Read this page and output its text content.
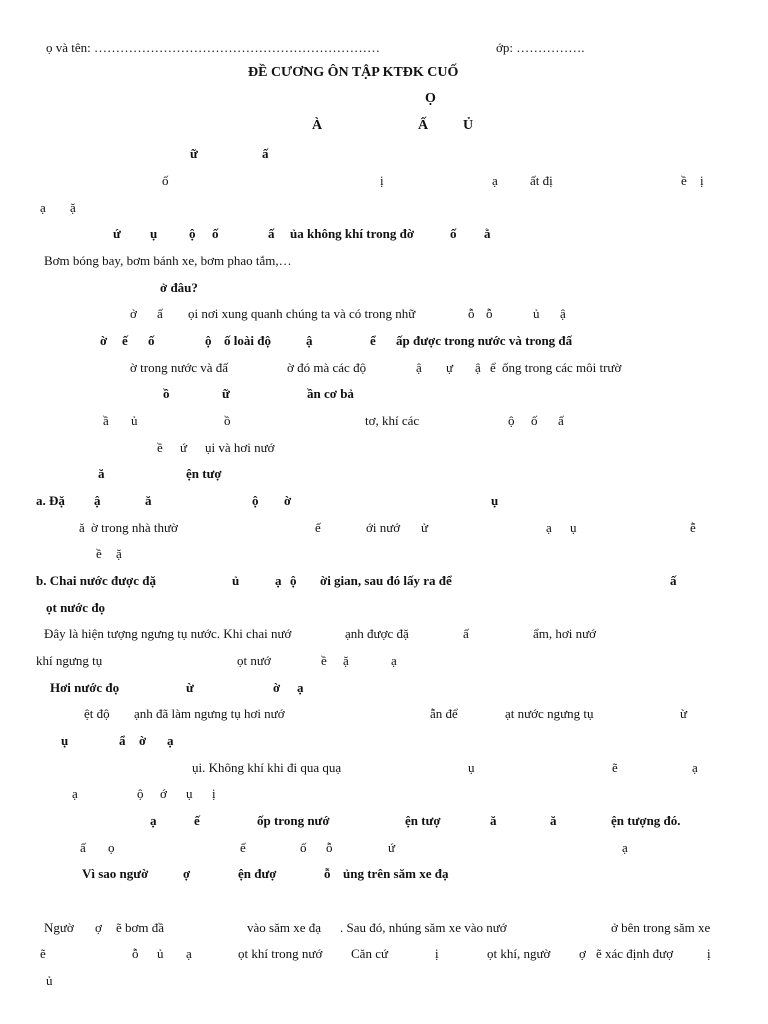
ọ và tên: …………………………………………………………	ớp: …………….
ĐỀ CƯƠNG ÔN TẬP KTĐK CUỐ
Ọ
À	Ấ Ủ
ữ	ấ
ố	ị	ạ ất đị	ề ị
ạ ặ
ứ ụ ộ ố	ấ ủa không khí trong đờ	ố ằ
Bơm bóng bay, bơm bánh xe, bơm phao tắm,…
ở đâu?
ở ấ ọi nơi xung quanh chúng ta và có trong nhữ	ỗ ỗ	ủ ậ
ờ ế ố	ộ ố loài độ	ậ	ể ấp được trong nước và trong đấ
ờ trong nước và đấ	ờ đó mà các độ	ậ ự ậ ể ống trong các môi trườ
ồ	ữ	ần cơ bả
ầ ủ	ồ	tơ, khí các	ộ ố ấ
ề ứ ụi và hơi nướ
ă	ện tượ
a. Đặ ậ	ă	ộ ờ	ụ
ă ờ trong nhà thườ	ế	ới nướ ử	ạ ụ	ễ
ề ặ
b. Chai nước được đặ	ủ	ạ ộ ời gian, sau đó lấy ra để	ấ
ọt nước đọ
Đây là hiện tượng ngưng tụ nước. Khi chai nướ	ạnh được đặ	ấ	ẩm, hơi nướ
khí ngưng tụ	ọt nướ	ề ặ	ạ
Hơi nước đọ	ừ	ờ ạ
ệt độ ạnh đã làm ngưng tụ hơi nướ	ẫn để	ạt nước ngưng tụ	ừ
ụ	ẩ ờ ạ
ụi. Không khí khi đi qua quạ	ụ	ẽ	ạ
ạ	ộ ớ ụ ị
ạ	ế	ốp trong nướ	ện tượ	ă	ă	ện tượng đó.
ấ ọ	ế	ố ỗ	ứ	ạ
Vì sao ngườ	ợ	ện đượ	ỗ ủng trên săm xe đạ
Ngườ ợ ẽ bơm đầ	vào săm xe đạ . Sau đó, nhúng săm xe vào nướ	ở bên trong săm xe
ẽ	ỗ ủ ạ	ọt khí trong nướ Căn cứ	ị	ọt khí, ngườ ợ ẽ xác định đượ	ị
ủ
